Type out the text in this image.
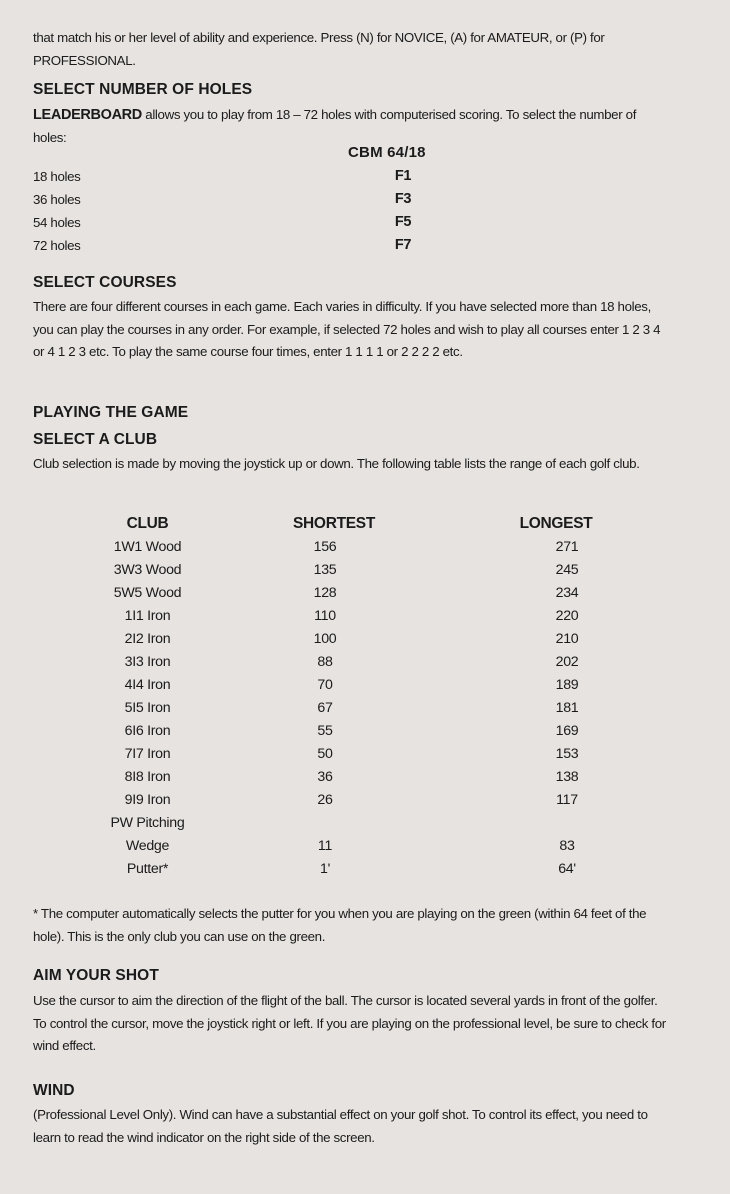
that match his or her level of ability and experience. Press (N) for NOVICE, (A) for AMATEUR, or (P) for PROFESSIONAL.

SELECT NUMBER OF HOLES

LEADERBOARD allows you to play from 18 – 72 holes with computerised scoring. To select the number of holes:

CBM 64/18
18 holes	F1
36 holes	F3
54 holes	F5
72 holes	F7
SELECT COURSES

There are four different courses in each game. Each varies in difficulty. If you have selected more than 18 holes, you can play the courses in any order. For example, if selected 72 holes and wish to play all courses enter 1 2 3 4 or 4 1 2 3 etc. To play the same course four times, enter 1 1 1 1 or 2 2 2 2 etc.

PLAYING THE GAME
SELECT A CLUB

Club selection is made by moving the joystick up or down. The following table lists the range of each golf club.

CLUB	SHORTEST	LONGEST
1W1 Wood	156	271
3W3 Wood	135	245
5W5 Wood	128	234
1I1 Iron	110	220
2I2 Iron	100	210
3I3 Iron	88	202
4I4 Iron	70	189
5I5 Iron	67	181
6I6 Iron	55	169
7I7 Iron	50	153
8I8 Iron	36	138
9I9 Iron	26	117
PW Pitching		
Wedge	11	83
Putter*	1'	64'

* The computer automatically selects the putter for you when you are playing on the green (within 64 feet of the hole). This is the only club you can use on the green.

AIM YOUR SHOT

Use the cursor to aim the direction of the flight of the ball. The cursor is located several yards in front of the golfer. To control the cursor, move the joystick right or left. If you are playing on the professional level, be sure to check for wind effect.

WIND

(Professional Level Only). Wind can have a substantial effect on your golf shot. To control its effect, you need to learn to read the wind indicator on the right side of the screen.
